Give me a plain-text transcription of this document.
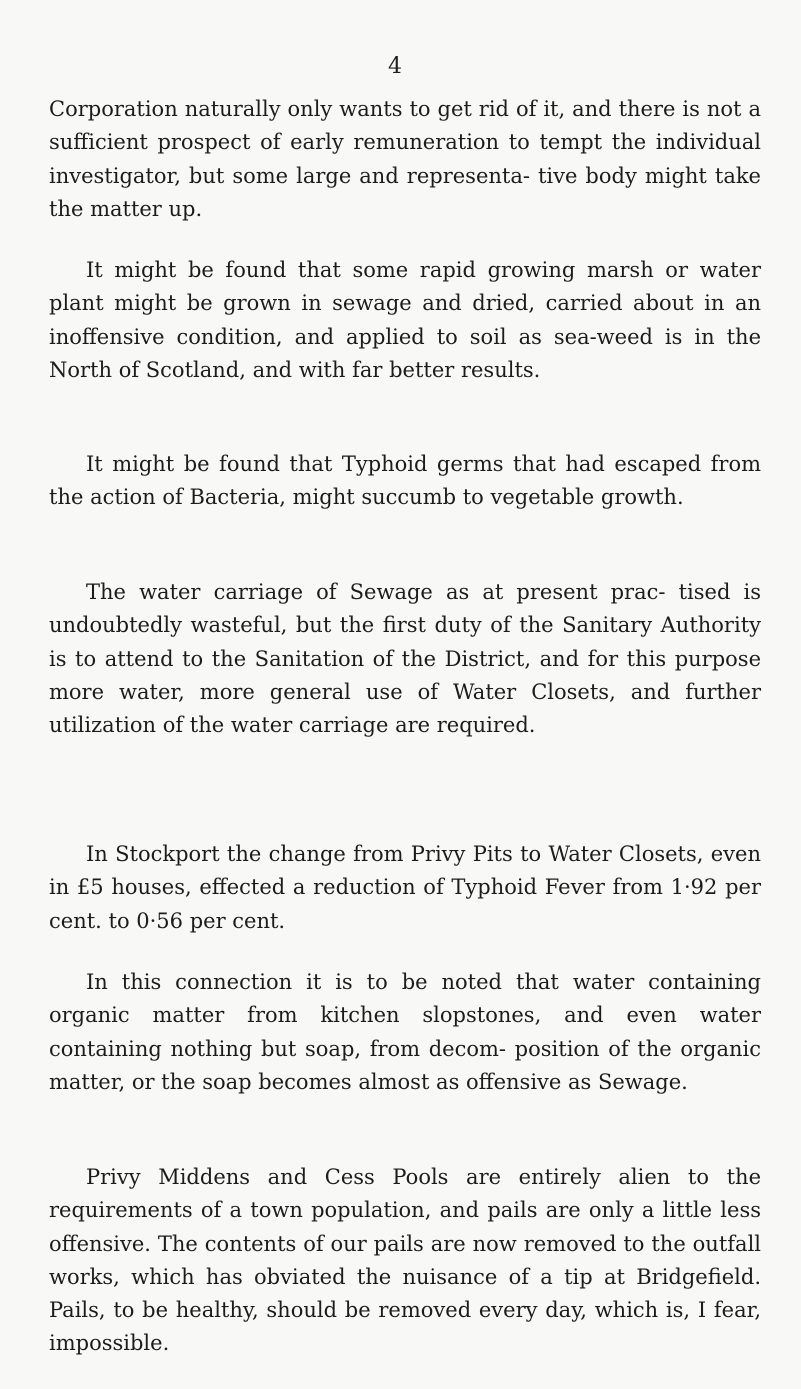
4

Corporation naturally only wants to get rid of it, and there is not a sufficient prospect of early remuneration to tempt the individual investigator, but some large and representa- tive body might take the matter up.

It might be found that some rapid growing marsh or water plant might be grown in sewage and dried, carried about in an inoffensive condition, and applied to soil as sea-weed is in the North of Scotland, and with far better results.

It might be found that Typhoid germs that had escaped from the action of Bacteria, might succumb to vegetable growth.

The water carriage of Sewage as at present prac- tised is undoubtedly wasteful, but the first duty of the Sanitary Authority is to attend to the Sanitation of the District, and for this purpose more water, more general use of Water Closets, and further utilization of the water carriage are required.

In Stockport the change from Privy Pits to Water Closets, even in £5 houses, effected a reduction of Typhoid Fever from 1·92 per cent. to 0·56 per cent.

In this connection it is to be noted that water containing organic matter from kitchen slopstones, and even water containing nothing but soap, from decom- position of the organic matter, or the soap becomes almost as offensive as Sewage.

Privy Middens and Cess Pools are entirely alien to the requirements of a town population, and pails are only a little less offensive. The contents of our pails are now removed to the outfall works, which has obviated the nuisance of a tip at Bridgefield. Pails, to be healthy, should be removed every day, which is, I fear, impossible.
